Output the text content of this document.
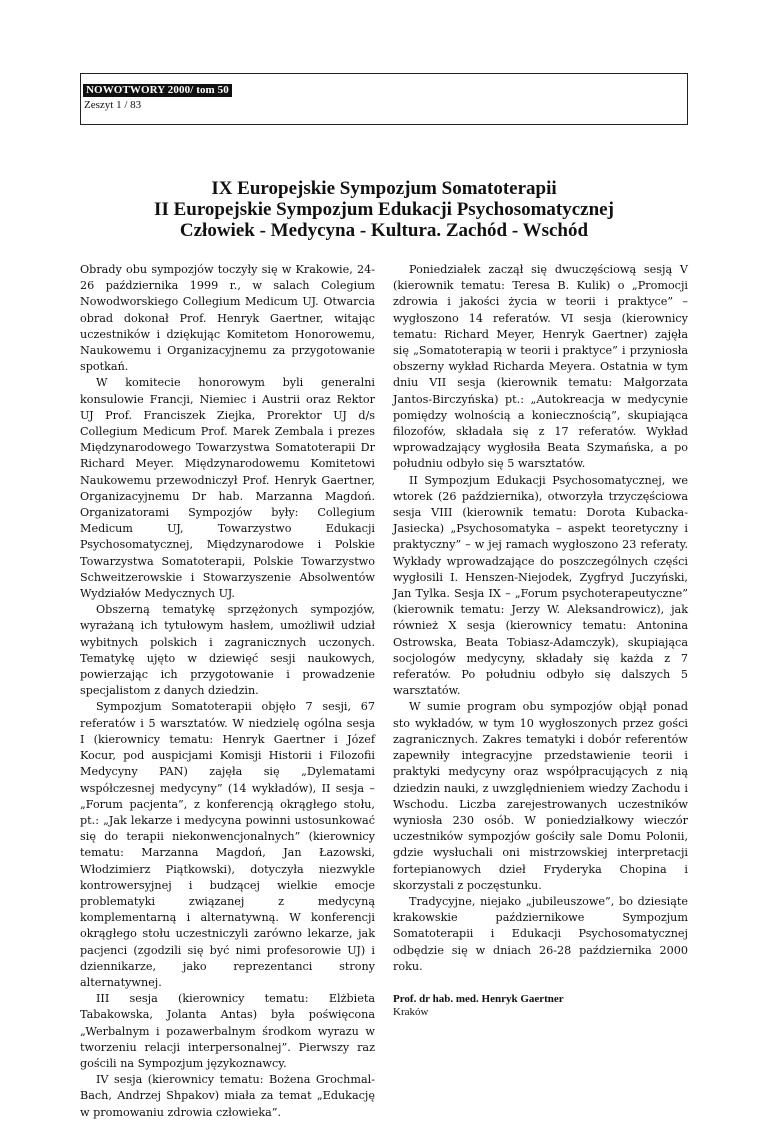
NOWOTWORY 2000/ tom 50
Zeszyt 1 / 83
IX Europejskie Sympozjum Somatoterapii
II Europejskie Sympozjum Edukacji Psychosomatycznej
Człowiek - Medycyna - Kultura. Zachód - Wschód

Obrady obu sympozjów toczyły się w Krakowie, 24-26 października 1999 r., w salach Colegium Nowodworskiego Collegium Medicum UJ. Otwarcia obrad dokonał Prof. Henryk Gaertner, witając uczestników i dziękując Komitetom Honorowemu, Naukowemu i Organizacyjnemu za przygotowanie spotkań.

W komitecie honorowym byli generalni konsulowie Francji, Niemiec i Austrii oraz Rektor UJ Prof. Franciszek Ziejka, Prorektor UJ d/s Collegium Medicum Prof. Marek Zembala i prezes Międzynarodowego Towarzystwa Somatoterapii Dr Richard Meyer. Międzynarodowemu Komitetowi Naukowemu przewodniczył Prof. Henryk Gaertner, Organizacyjnemu Dr hab. Marzanna Magdoń. Organizatorami Sympozjów były: Collegium Medicum UJ, Towarzystwo Edukacji Psychosomatycznej, Międzynarodowe i Polskie Towarzystwa Somatoterapii, Polskie Towarzystwo Schweitzerowskie i Stowarzyszenie Absolwentów Wydziałów Medycznych UJ.

Obszerną tematykę sprzężonych sympozjów, wyrażaną ich tytułowym hasłem, umożliwił udział wybitnych polskich i zagranicznych uczonych. Tematykę ujęto w dziewięć sesji naukowych, powierzając ich przygotowanie i prowadzenie specjalistom z danych dziedzin.

Sympozjum Somatoterapii objęło 7 sesji, 67 referatów i 5 warsztatów. W niedzielę ogólna sesja I (kierownicy tematu: Henryk Gaertner i Józef Kocur, pod auspicjami Komisji Historii i Filozofii Medycyny PAN) zajęła się „Dylematami współczesnej medycyny” (14 wykładów), II sesja – „Forum pacjenta”, z konferencją okrągłego stołu, pt.: „Jak lekarze i medycyna powinni ustosunkować się do terapii niekonwencjonalnych” (kierownicy tematu: Marzanna Magdoń, Jan Łazowski, Włodzimierz Piątkowski), dotyczyła niezwykle kontrowersyjnej i budzącej wielkie emocje problematyki związanej z medycyną komplementarną i alternatywną. W konferencji okrągłego stołu uczestniczyli zarówno lekarze, jak pacjenci (zgodzili się być nimi profesorowie UJ) i dziennikarze, jako reprezentanci strony alternatywnej.

III sesja (kierownicy tematu: Elżbieta Tabakowska, Jolanta Antas) była poświęcona „Werbalnym i pozawerbalnym środkom wyrazu w tworzeniu relacji interpersonalnej”. Pierwszy raz gościli na Sympozjum językoznawcy.

IV sesja (kierownicy tematu: Bożena Grochmal-Bach, Andrzej Shpakov) miała za temat „Edukację w promowaniu zdrowia człowieka”.

Poniedziałek zaczął się dwuczęściową sesją V (kierownik tematu: Teresa B. Kulik) o „Promocji zdrowia i jakości życia w teorii i praktyce” – wygłoszono 14 referatów. VI sesja (kierownicy tematu: Richard Meyer, Henryk Gaertner) zajęła się „Somatoterapią w teorii i praktyce” i przyniosła obszerny wykład Richarda Meyera. Ostatnia w tym dniu VII sesja (kierownik tematu: Małgorzata Jantos-Birczyńska) pt.: „Autokreacja w medycynie pomiędzy wolnością a koniecznością”, skupiająca filozofów, składała się z 17 referatów. Wykład wprowadzający wygłosiła Beata Szymańska, a po południu odbyło się 5 warsztatów.

II Sympozjum Edukacji Psychosomatycznej, we wtorek (26 października), otworzyła trzyczęściowa sesja VIII (kierownik tematu: Dorota Kubacka-Jasiecka) „Psychosomatyka – aspekt teoretyczny i praktyczny” – w jej ramach wygłoszono 23 referaty. Wykłady wprowadzające do poszczególnych części wygłosili I. Henszen-Niejodek, Zygfryd Juczyński, Jan Tylka. Sesja IX – „Forum psychoterapeutyczne” (kierownik tematu: Jerzy W. Aleksandrowicz), jak również X sesja (kierownicy tematu: Antonina Ostrowska, Beata Tobiasz-Adamczyk), skupiająca socjologów medycyny, składały się każda z 7 referatów. Po południu odbyło się dalszych 5 warsztatów.

W sumie program obu sympozjów objął ponad sto wykładów, w tym 10 wygłoszonych przez gości zagranicznych. Zakres tematyki i dobór referentów zapewniły integracyjne przedstawienie teorii i praktyki medycyny oraz współpracujących z nią dziedzin nauki, z uwzględnieniem wiedzy Zachodu i Wschodu. Liczba zarejestrowanych uczestników wyniosła 230 osób. W poniedziałkowy wieczór uczestników sympozjów gościły sale Domu Polonii, gdzie wysłuchali oni mistrzowskiej interpretacji fortepianowych dzieł Fryderyka Chopina i skorzystali z poczęstunku.

Tradycyjne, niejako „jubileuszowe”, bo dziesiąte krakowskie październikowe Sympozjum Somatoterapii i Edukacji Psychosomatycznej odbędzie się w dniach 26-28 października 2000 roku.

Prof. dr hab. med. Henryk Gaertner
Kraków
